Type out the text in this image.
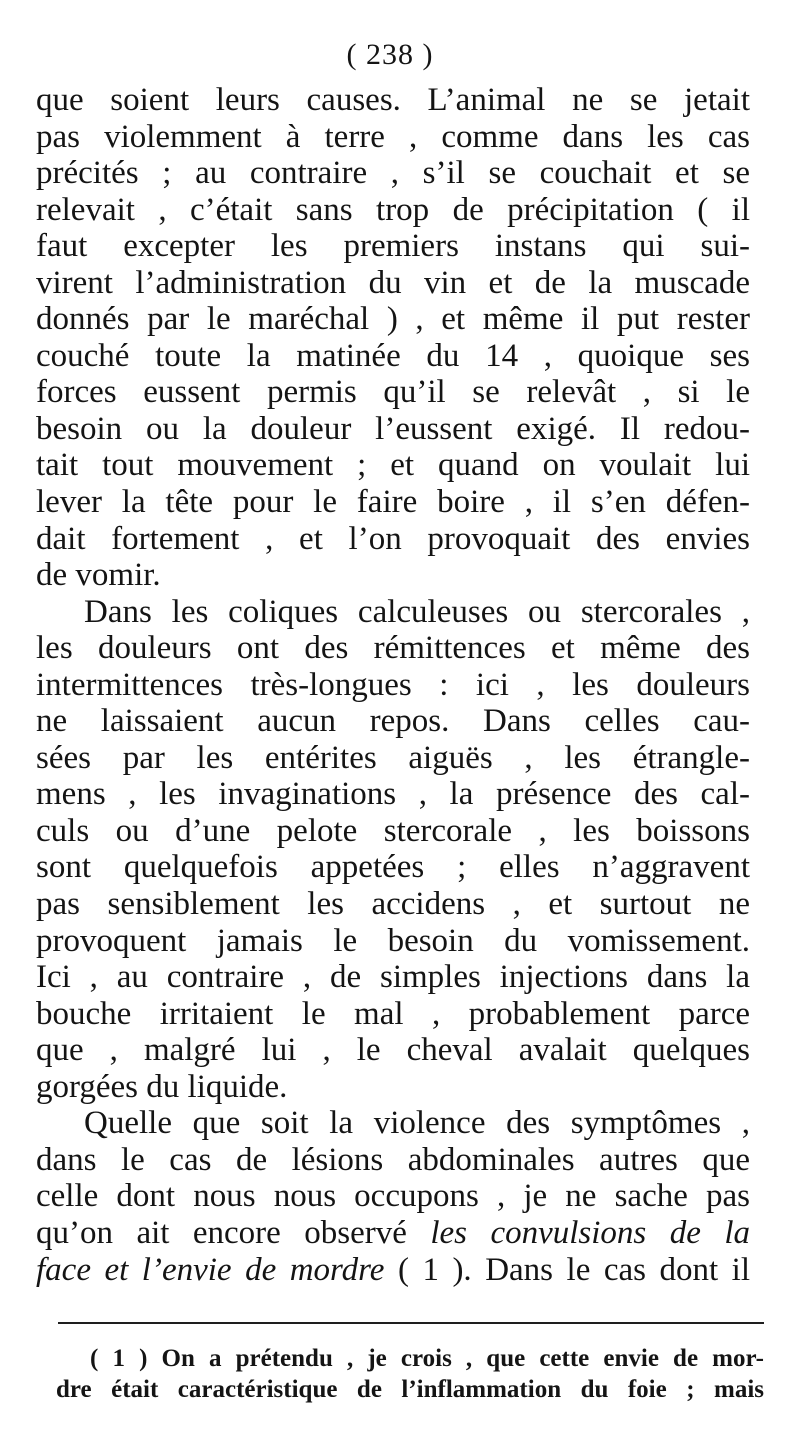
( 238 )
que soient leurs causes. L’animal ne se jetait
pas violemment à terre , comme dans les cas
précités ; au contraire , s’il se couchait et se
relevait , c’était sans trop de précipitation ( il
faut excepter les premiers instans qui sui-
virent l’administration du vin et de la muscade
donnés par le maréchal ) , et même il put rester
couché toute la matinée du 14 , quoique ses
forces eussent permis qu’il se relevât , si le
besoin ou la douleur l’eussent exigé. Il redou-
tait tout mouvement ; et quand on voulait lui
lever la tête pour le faire boire , il s’en défen-
dait fortement , et l’on provoquait des envies
de vomir.
Dans les coliques calculeuses ou stercorales ,
les douleurs ont des rémittences et même des
intermittences très-longues : ici , les douleurs
ne laissaient aucun repos. Dans celles cau-
sées par les entérites aiguës , les étrangle-
mens , les invaginations , la présence des cal-
culs ou d’une pelote stercorale , les boissons
sont quelquefois appetées ; elles n’aggravent
pas sensiblement les accidens , et surtout ne
provoquent jamais le besoin du vomissement.
Ici , au contraire , de simples injections dans la
bouche irritaient le mal , probablement parce
que , malgré lui , le cheval avalait quelques
gorgées du liquide.
Quelle que soit la violence des symptômes ,
dans le cas de lésions abdominales autres que
celle dont nous nous occupons , je ne sache pas
qu’on ait encore observé les convulsions de la
face et l’envie de mordre ( 1 ). Dans le cas dont il
( 1 ) On a prétendu , je crois , que cette envie de mor-
dre était caractéristique de l’inflammation du foie ; mais
